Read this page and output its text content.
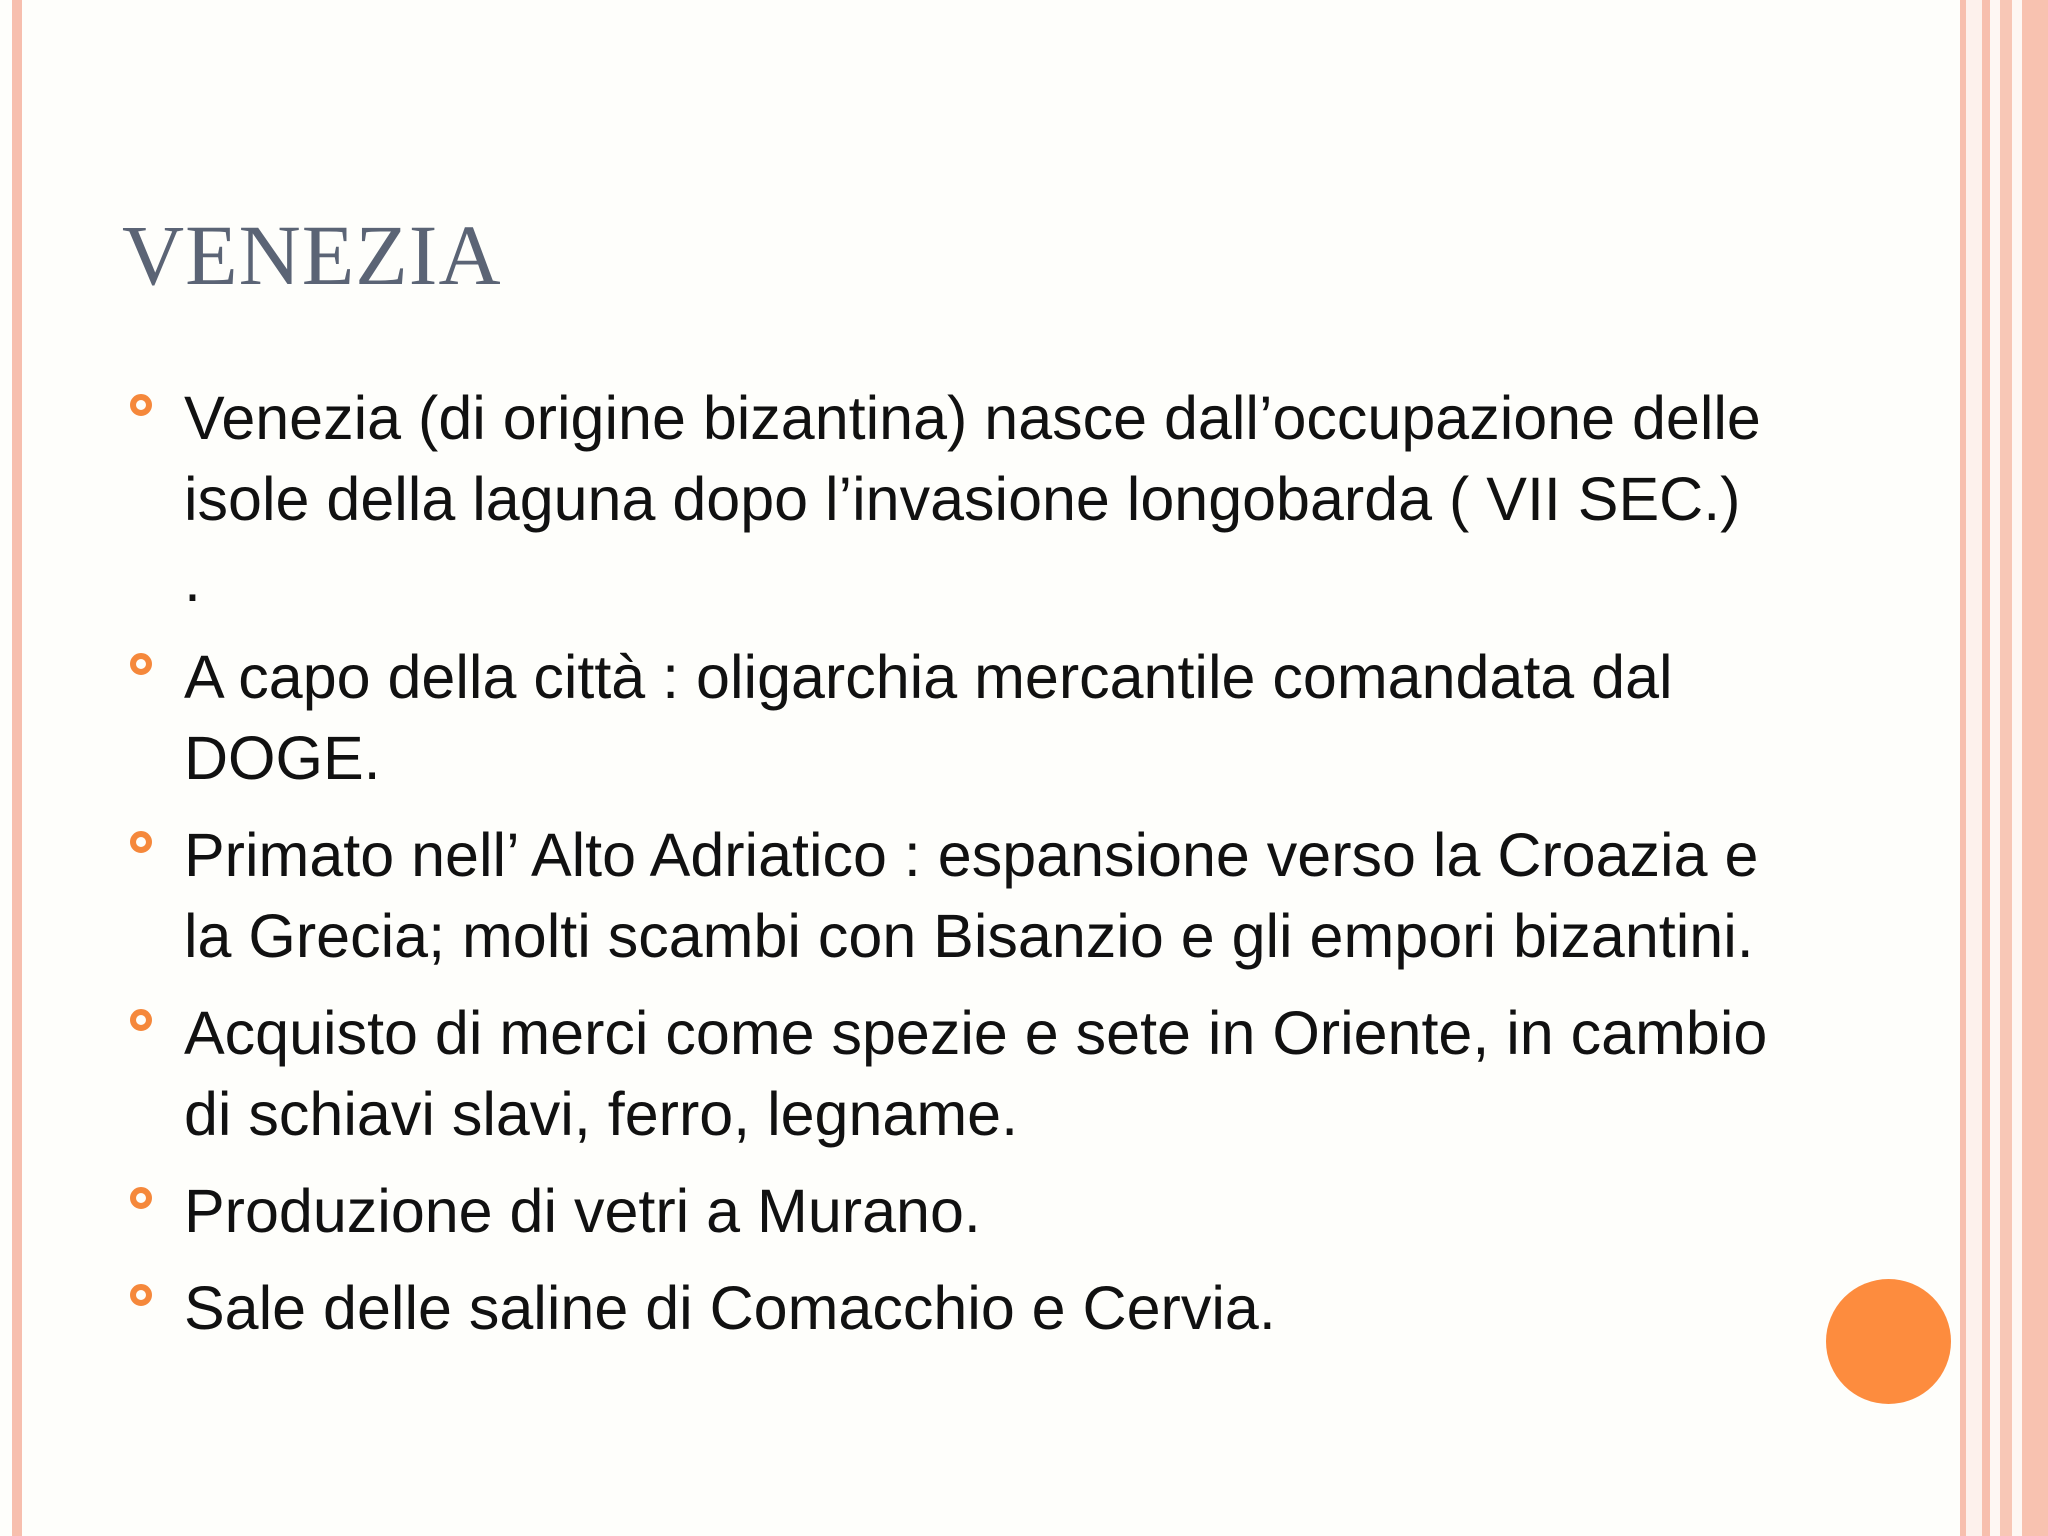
VENEZIA
Venezia (di origine bizantina) nasce dall’occupazione delle isole della laguna dopo l’invasione longobarda ( VII SEC.) .
A capo della città : oligarchia mercantile comandata dal DOGE.
Primato nell’ Alto Adriatico : espansione verso la Croazia e la Grecia; molti scambi con Bisanzio e gli empori bizantini.
Acquisto di merci come spezie e sete in Oriente, in cambio di schiavi slavi, ferro, legname.
Produzione di vetri a Murano.
Sale delle saline di Comacchio e Cervia.
